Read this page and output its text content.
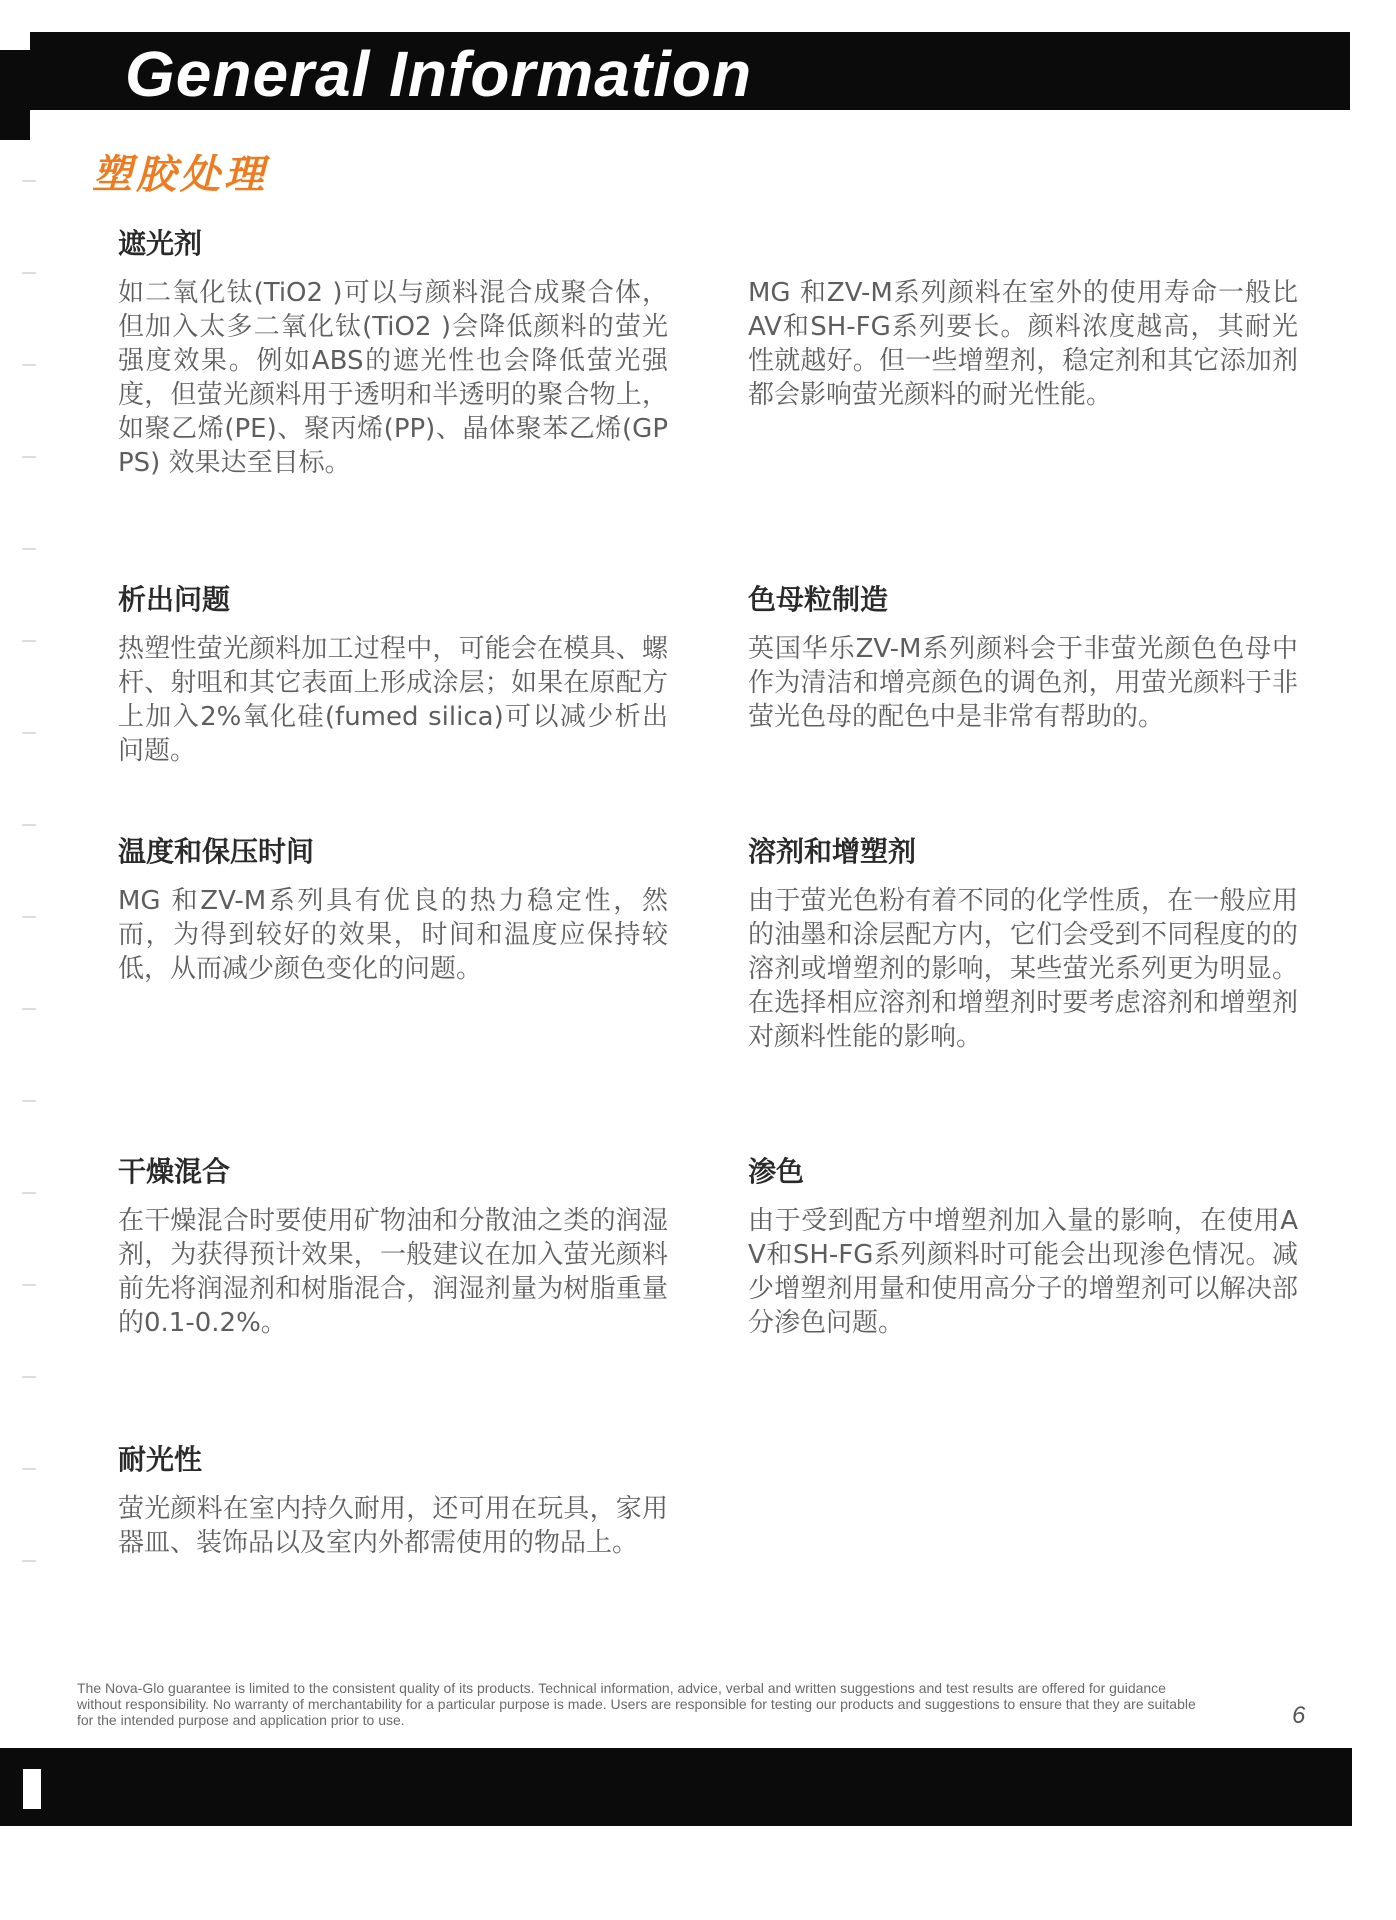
General Information
塑胶处理
遮光剂

如二氧化钛(TiO2 )可以与颜料混合成聚合体，但加入太多二氧化钛(TiO2 )会降低颜料的萤光强度效果。例如ABS的遮光性也会降低萤光强度，但萤光颜料用于透明和半透明的聚合物上，如聚乙烯(PE)、聚丙烯(PP)、晶体聚苯乙烯(GPPS) 效果达至目标。

MG 和ZV-M系列颜料在室外的使用寿命一般比AV和SH-FG系列要长。颜料浓度越高，其耐光性就越好。但一些增塑剂，稳定剂和其它添加剂都会影响萤光颜料的耐光性能。

析出问题

热塑性萤光颜料加工过程中，可能会在模具、螺杆、射咀和其它表面上形成涂层；如果在原配方上加入2%氧化硅(fumed silica)可以减少析出问题。

色母粒制造

英国华乐ZV-M系列颜料会于非萤光颜色色母中作为清洁和增亮颜色的调色剂，用萤光颜料于非萤光色母的配色中是非常有帮助的。

温度和保压时间

MG 和ZV-M系列具有优良的热力稳定性，然而，为得到较好的效果，时间和温度应保持较低，从而减少颜色变化的问题。

溶剂和增塑剂

由于萤光色粉有着不同的化学性质，在一般应用的油墨和涂层配方内，它们会受到不同程度的的溶剂或增塑剂的影响，某些萤光系列更为明显。在选择相应溶剂和增塑剂时要考虑溶剂和增塑剂对颜料性能的影响。

干燥混合

在干燥混合时要使用矿物油和分散油之类的润湿剂，为获得预计效果，一般建议在加入萤光颜料前先将润湿剂和树脂混合，润湿剂量为树脂重量的0.1-0.2%。

渗色

由于受到配方中增塑剂加入量的影响，在使用AV和SH-FG系列颜料时可能会出现渗色情况。减少增塑剂用量和使用高分子的增塑剂可以解决部分渗色问题。

耐光性

萤光颜料在室内持久耐用，还可用在玩具，家用器皿、装饰品以及室内外都需使用的物品上。

The Nova-Glo guarantee is limited to the consistent quality of its products. Technical information, advice, verbal and written suggestions and test results are offered for guidance without responsibility. No warranty of merchantability for a particular purpose is made. Users are responsible for testing our products and suggestions to ensure that they are suitable for the intended purpose and application prior to use.	6
